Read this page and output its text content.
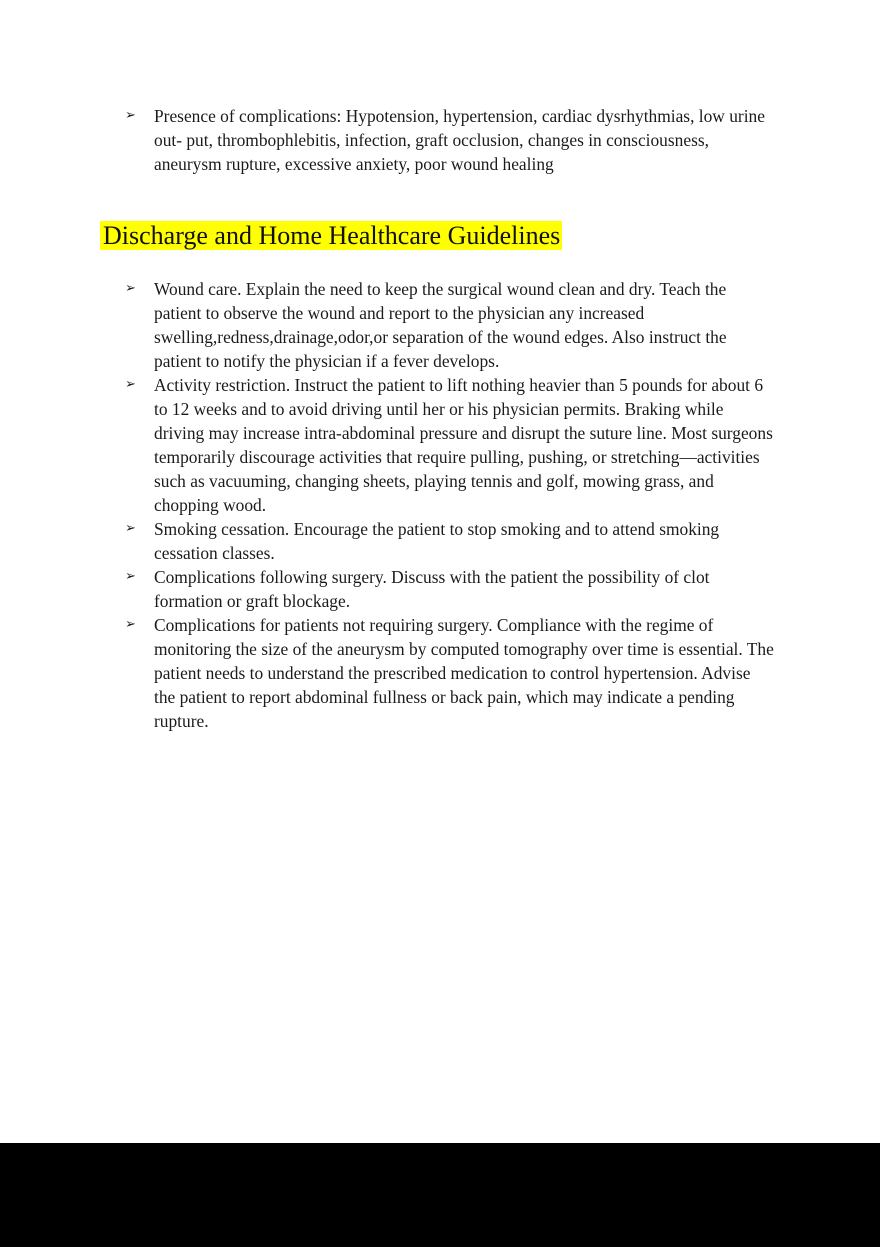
➢ Presence of complications: Hypotension, hypertension, cardiac dysrhythmias, low urine out- put, thrombophlebitis, infection, graft occlusion, changes in consciousness, aneurysm rupture, excessive anxiety, poor wound healing
Discharge and Home Healthcare Guidelines
➢ Wound care. Explain the need to keep the surgical wound clean and dry. Teach the patient to observe the wound and report to the physician any increased swelling,redness,drainage,odor,or separation of the wound edges. Also instruct the patient to notify the physician if a fever develops.
➢ Activity restriction. Instruct the patient to lift nothing heavier than 5 pounds for about 6 to 12 weeks and to avoid driving until her or his physician permits. Braking while driving may increase intra-abdominal pressure and disrupt the suture line. Most surgeons temporarily discourage activities that require pulling, pushing, or stretching—activities such as vacuuming, changing sheets, playing tennis and golf, mowing grass, and chopping wood.
➢ Smoking cessation. Encourage the patient to stop smoking and to attend smoking cessation classes.
➢ Complications following surgery. Discuss with the patient the possibility of clot formation or graft blockage.
➢ Complications for patients not requiring surgery. Compliance with the regime of monitoring the size of the aneurysm by computed tomography over time is essential. The patient needs to understand the prescribed medication to control hypertension. Advise the patient to report abdominal fullness or back pain, which may indicate a pending rupture.
